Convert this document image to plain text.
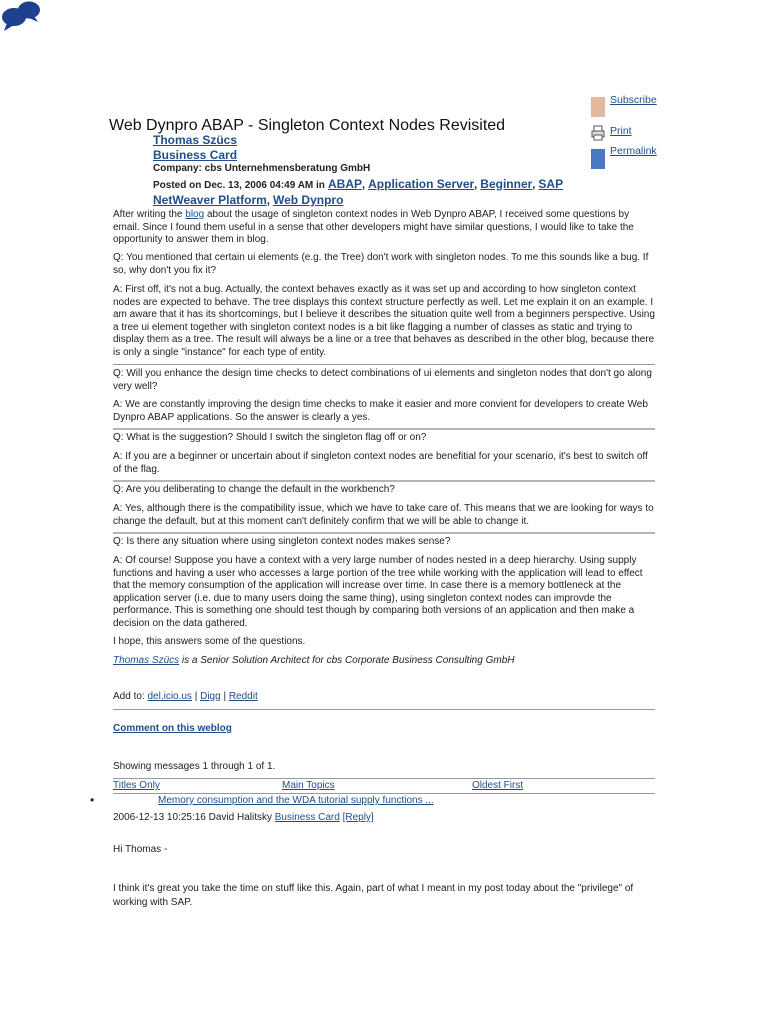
Web Dynpro ABAP - Singleton Context Nodes Revisited
Thomas Szücs
Business Card
Company: cbs Unternehmensberatung GmbH
Posted on Dec. 13, 2006 04:49 AM in ABAP, Application Server, Beginner, SAP NetWeaver Platform, Web Dynpro
Subscribe
Print
Permalink

After writing the blog about the usage of singleton context nodes in Web Dynpro ABAP, I received some questions by email. Since I found them useful in a sense that other developers might have similar questions, I would like to take the opportunity to answer them in blog.

Q: You mentioned that certain ui elements (e.g. the Tree) don't work with singleton nodes. To me this sounds like a bug. If so, why don't you fix it?

A: First off, it's not a bug. Actually, the context behaves exactly as it was set up and according to how singleton context nodes are expected to behave. The tree displays this context structure perfectly as well. Let me explain it on an example. I am aware that it has its shortcomings, but I believe it describes the situation quite well from a beginners perspective. Using a tree ui element together with singleton context nodes is a bit like flagging a number of classes as static and trying to display them as a tree. The result will always be a line or a tree that behaves as described in the other blog, because there is only a single "instance" for each type of entity.

Q: Will you enhance the design time checks to detect combinations of ui elements and singleton nodes that don't go along very well?

A: We are constantly improving the design time checks to make it easier and more convient for developers to create Web Dynpro ABAP applications. So the answer is clearly a yes.

Q: What is the suggestion? Should I switch the singleton flag off or on?

A: If you are a beginner or uncertain about if singleton context nodes are benefitial for your scenario, it's best to switch off of the flag.

Q: Are you deliberating to change the default in the workbench?

A: Yes, although there is the compatibility issue, which we have to take care of. This means that we are looking for ways to change the default, but at this moment can't definitely confirm that we will be able to change it.

Q: Is there any situation where using singleton context nodes makes sense?

A: Of course! Suppose you have a context with a very large number of nodes nested in a deep hierarchy. Using supply functions and having a user who accesses a large portion of the tree while working with the application will lead to effect that the memory consumption of the application will increase over time. In case there is a memory bottleneck at the application server (i.e. due to many users doing the same thing), using singleton context nodes can improvde the performance. This is something one should test though by comparing both versions of an application and then make a decision on the data gathered.

I hope, this answers some of the questions.

Thomas Szücs is a Senior Solution Architect for cbs Corporate Business Consulting GmbH

Add to: del.icio.us | Digg | Reddit

Comment on this weblog

Showing messages 1 through 1 of 1.

Titles Only	Main Topics	Oldest First
•	Memory consumption and the WDA tutorial supply functions ...
2006-12-13 10:25:16 David Halitsky Business Card [Reply]
Hi Thomas -
I think it's great you take the time on stuff like this. Again, part of what I meant in my post today about the "privilege" of working with SAP.
